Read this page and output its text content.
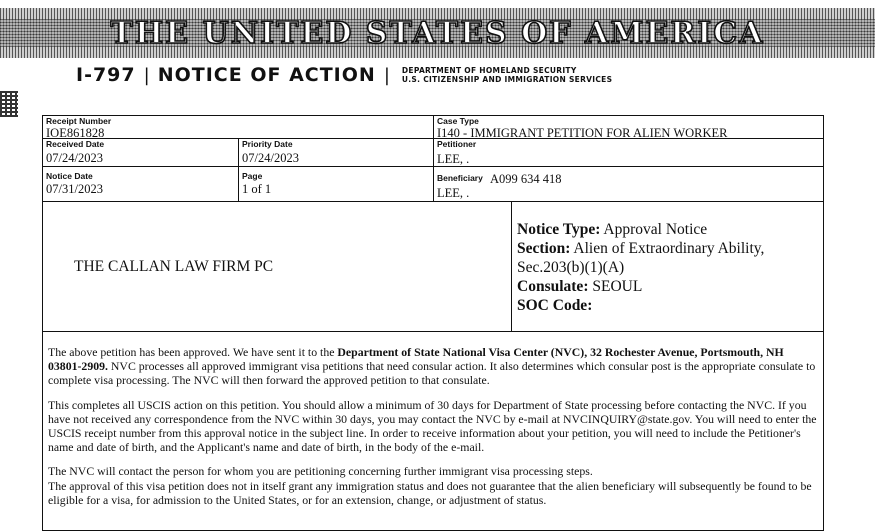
THE UNITED STATES OF AMERICA
I-797 | NOTICE OF ACTION | DEPARTMENT OF HOMELAND SECURITY
U.S. CITIZENSHIP AND IMMIGRATION SERVICES
Receipt Number
IOE861828
Case Type
I140 - IMMIGRANT PETITION FOR ALIEN WORKER
Received Date
07/24/2023
Priority Date
07/24/2023
Petitioner
LEE, .
Notice Date
07/31/2023
Page
1 of 1
Beneficiary A099 634 418
LEE, .
THE CALLAN LAW FIRM PC
Notice Type: Approval Notice
Section: Alien of Extraordinary Ability,
Sec.203(b)(1)(A)
Consulate: SEOUL
SOC Code:

The above petition has been approved. We have sent it to the Department of State National Visa Center (NVC), 32 Rochester Avenue, Portsmouth, NH 03801-2909. NVC processes all approved immigrant visa petitions that need consular action. It also determines which consular post is the appropriate consulate to complete visa processing. The NVC will then forward the approved petition to that consulate.

This completes all USCIS action on this petition. You should allow a minimum of 30 days for Department of State processing before contacting the NVC. If you have not received any correspondence from the NVC within 30 days, you may contact the NVC by e-mail at NVCINQUIRY@state.gov. You will need to enter the USCIS receipt number from this approval notice in the subject line. In order to receive information about your petition, you will need to include the Petitioner's name and date of birth, and the Applicant's name and date of birth, in the body of the e-mail.

The NVC will contact the person for whom you are petitioning concerning further immigrant visa processing steps.

The approval of this visa petition does not in itself grant any immigration status and does not guarantee that the alien beneficiary will subsequently be found to be eligible for a visa, for admission to the United States, or for an extension, change, or adjustment of status.
